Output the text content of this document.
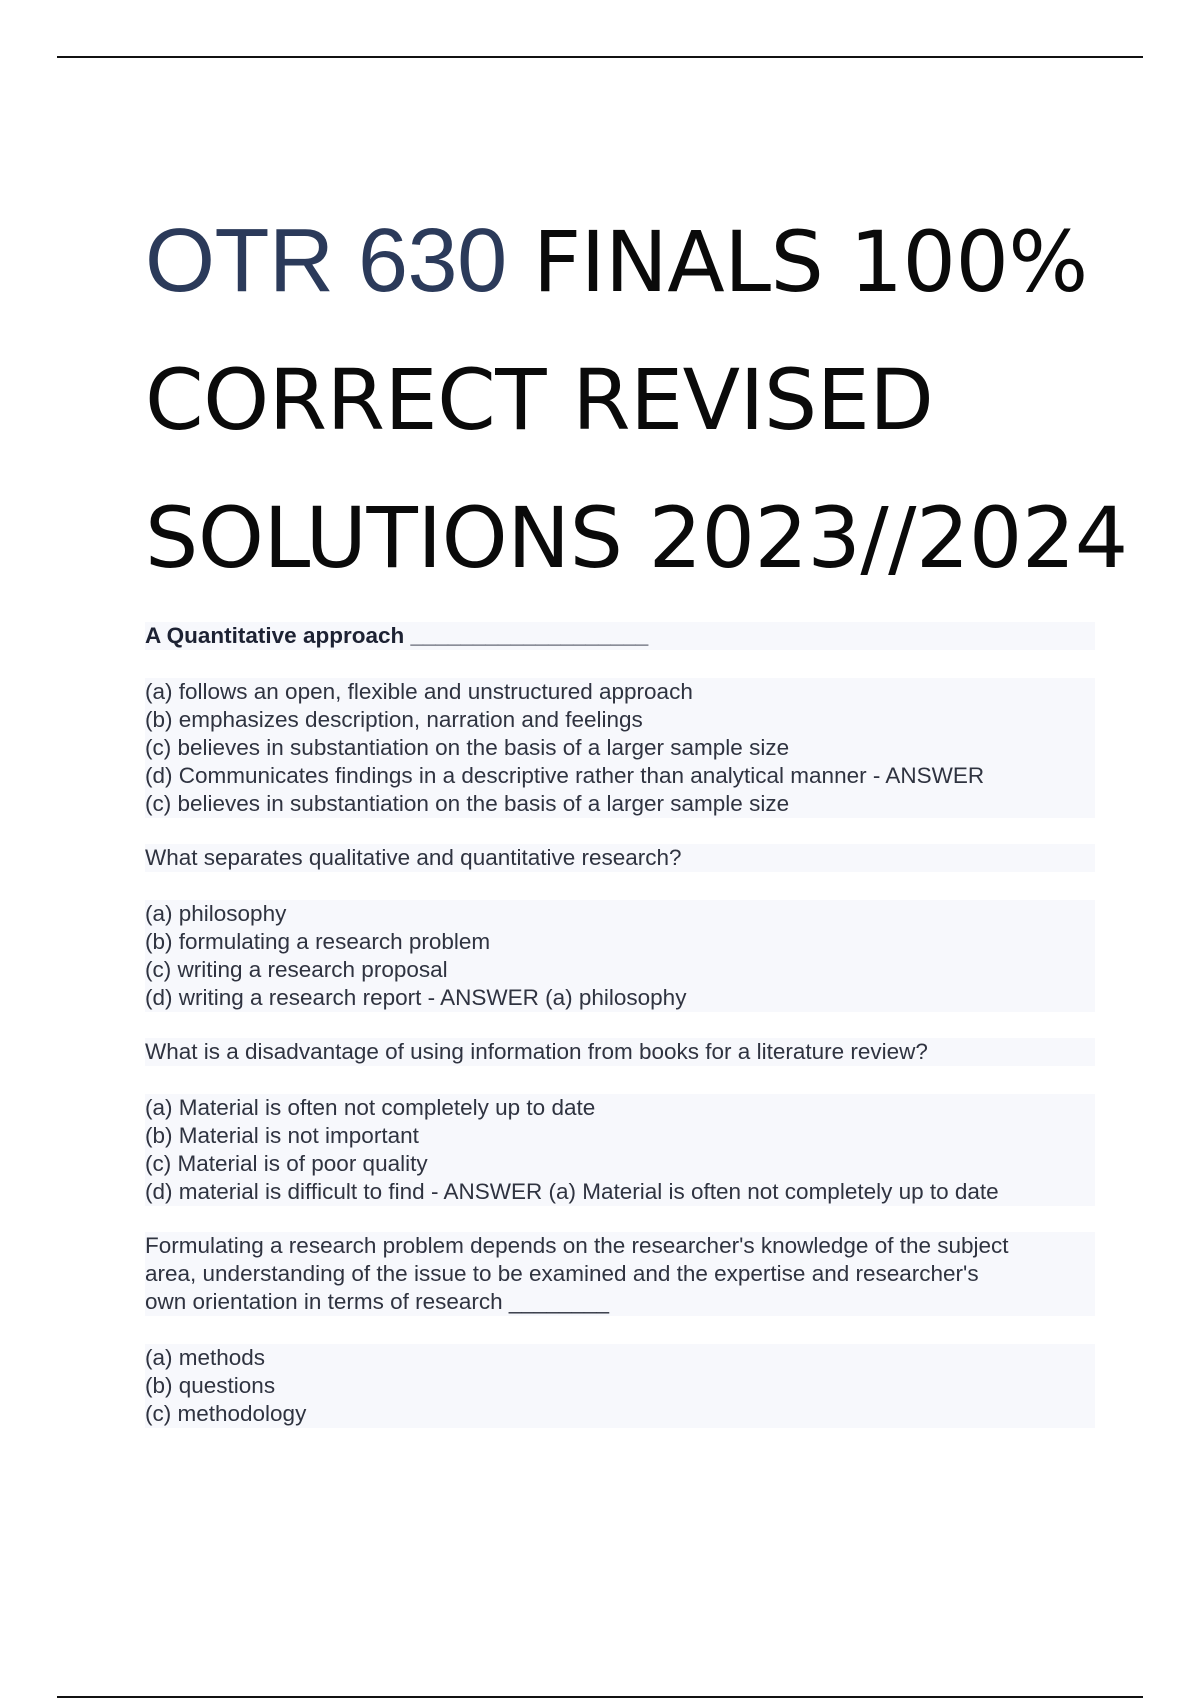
OTR 630 FINALS 100%
CORRECT REVISED
SOLUTIONS 2023//2024
A Quantitative approach ___________________
(a) follows an open, flexible and unstructured approach
(b) emphasizes description, narration and feelings
(c) believes in substantiation on the basis of a larger sample size
(d) Communicates findings in a descriptive rather than analytical manner - ANSWER
(c) believes in substantiation on the basis of a larger sample size
What separates qualitative and quantitative research?
(a) philosophy
(b) formulating a research problem
(c) writing a research proposal
(d) writing a research report - ANSWER (a) philosophy
What is a disadvantage of using information from books for a literature review?
(a) Material is often not completely up to date
(b) Material is not important
(c) Material is of poor quality
(d) material is difficult to find - ANSWER (a) Material is often not completely up to date
Formulating a research problem depends on the researcher's knowledge of the subject
area, understanding of the issue to be examined and the expertise and researcher's
own orientation in terms of research ________
(a) methods
(b) questions
(c) methodology
